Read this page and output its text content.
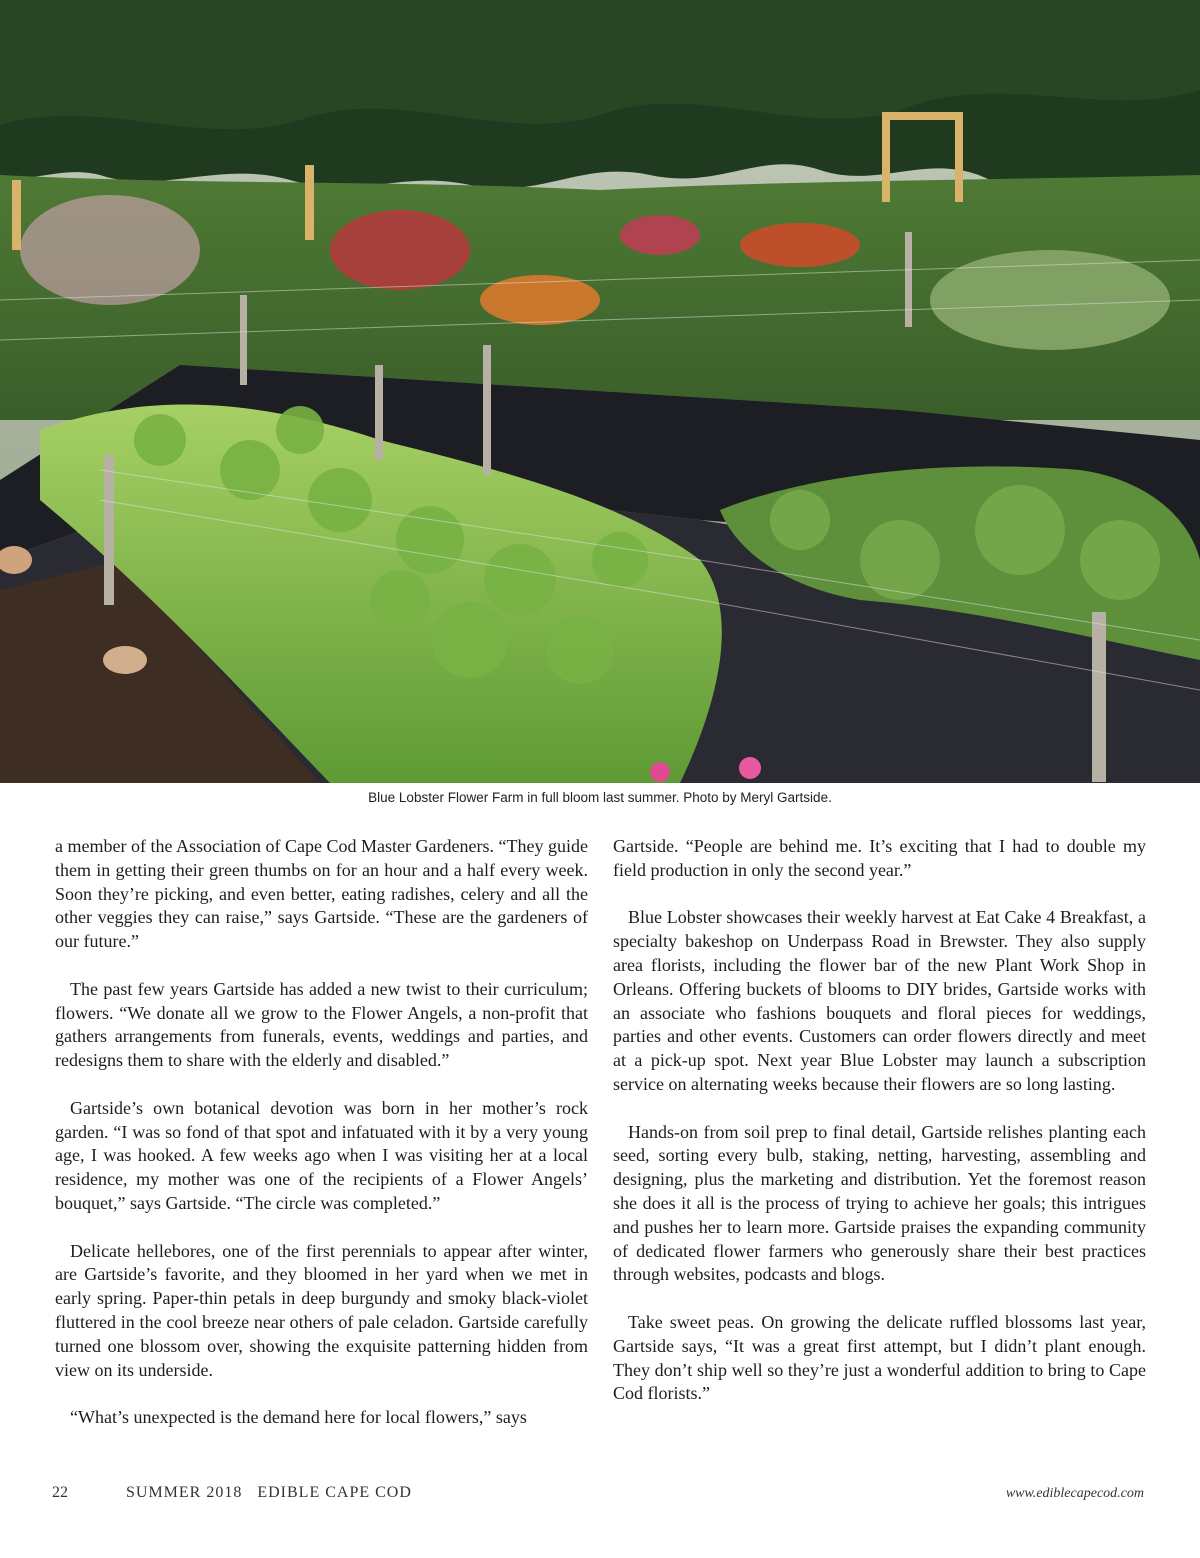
Blue Lobster Flower Farm in full bloom last summer. Photo by Meryl Gartside.

a member of the Association of Cape Cod Master Gardeners. “They guide them in getting their green thumbs on for an hour and a half every week. Soon they’re picking, and even better, eating radishes, celery and all the other veggies they can raise,” says Gartside. “These are the gardeners of our future.”

The past few years Gartside has added a new twist to their curriculum; flowers. “We donate all we grow to the Flower Angels, a non-profit that gathers arrangements from funerals, events, weddings and parties, and redesigns them to share with the elderly and disabled.”

Gartside’s own botanical devotion was born in her mother’s rock garden. “I was so fond of that spot and infatuated with it by a very young age, I was hooked. A few weeks ago when I was visiting her at a local residence, my mother was one of the recipients of a Flower Angels’ bouquet,” says Gartside. “The circle was completed.”

Delicate hellebores, one of the first perennials to appear after winter, are Gartside’s favorite, and they bloomed in her yard when we met in early spring. Paper-thin petals in deep burgundy and smoky black-violet fluttered in the cool breeze near others of pale celadon. Gartside carefully turned one blossom over, showing the exquisite patterning hidden from view on its underside.

“What’s unexpected is the demand here for local flowers,” says

Gartside. “People are behind me. It’s exciting that I had to double my field production in only the second year.”

Blue Lobster showcases their weekly harvest at Eat Cake 4 Breakfast, a specialty bakeshop on Underpass Road in Brewster. They also supply area florists, including the flower bar of the new Plant Work Shop in Orleans. Offering buckets of blooms to DIY brides, Gartside works with an associate who fashions bouquets and floral pieces for weddings, parties and other events. Customers can order flowers directly and meet at a pick-up spot. Next year Blue Lobster may launch a subscription service on alternating weeks because their flowers are so long lasting.

Hands-on from soil prep to final detail, Gartside relishes planting each seed, sorting every bulb, staking, netting, harvesting, assembling and designing, plus the marketing and distribution. Yet the foremost reason she does it all is the process of trying to achieve her goals; this intrigues and pushes her to learn more. Gartside praises the expanding community of dedicated flower farmers who generously share their best practices through websites, podcasts and blogs.

Take sweet peas. On growing the delicate ruffled blossoms last year, Gartside says, “It was a great first attempt, but I didn’t plant enough. They don’t ship well so they’re just a wonderful addition to bring to Cape Cod florists.”

22	SUMMER 2018   EDIBLE CAPE COD	www.ediblecapecod.com
